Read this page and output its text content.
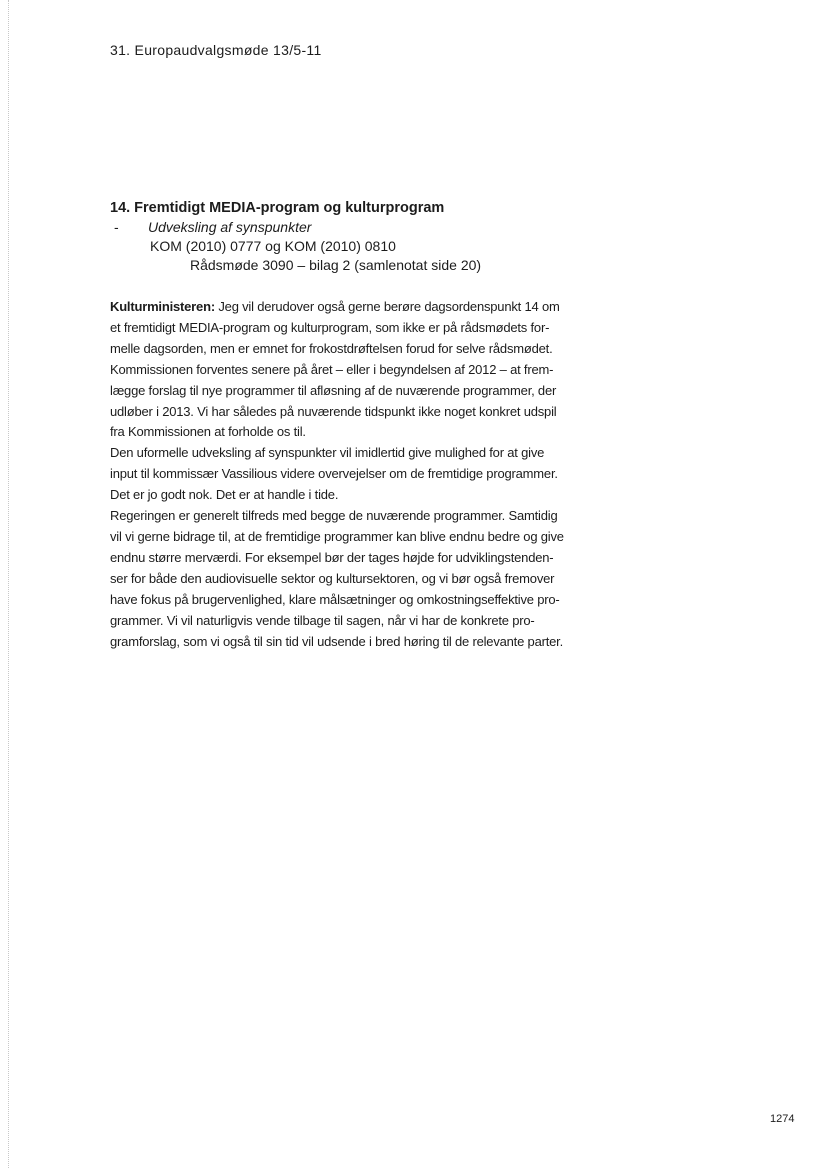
31. Europaudvalgsmøde 13/5-11
14. Fremtidigt MEDIA-program og kulturprogram
- Udveksling af synspunkter
KOM (2010) 0777 og KOM (2010) 0810
Rådsmøde 3090 – bilag 2 (samlenotat side 20)
Kulturministeren: Jeg vil derudover også gerne berøre dagsordenspunkt 14 om
et fremtidigt MEDIA-program og kulturprogram, som ikke er på rådsmødets for-
melle dagsorden, men er emnet for frokostdrøftelsen forud for selve rådsmødet.
Kommissionen forventes senere på året – eller i begyndelsen af 2012 – at frem-
lægge forslag til nye programmer til afløsning af de nuværende programmer, der
udløber i 2013. Vi har således på nuværende tidspunkt ikke noget konkret udspil
fra Kommissionen at forholde os til.
Den uformelle udveksling af synspunkter vil imidlertid give mulighed for at give
input til kommissær Vassilious videre overvejelser om de fremtidige programmer.
Det er jo godt nok. Det er at handle i tide.
Regeringen er generelt tilfreds med begge de nuværende programmer. Samtidig
vil vi gerne bidrage til, at de fremtidige programmer kan blive endnu bedre og give
endnu større merværdi. For eksempel bør der tages højde for udviklingstenden-
ser for både den audiovisuelle sektor og kultursektoren, og vi bør også fremover
have fokus på brugervenlighed, klare målsætninger og omkostningseffektive pro-
grammer. Vi vil naturligvis vende tilbage til sagen, når vi har de konkrete pro-
gramforslag, som vi også til sin tid vil udsende i bred høring til de relevante parter.
1274
